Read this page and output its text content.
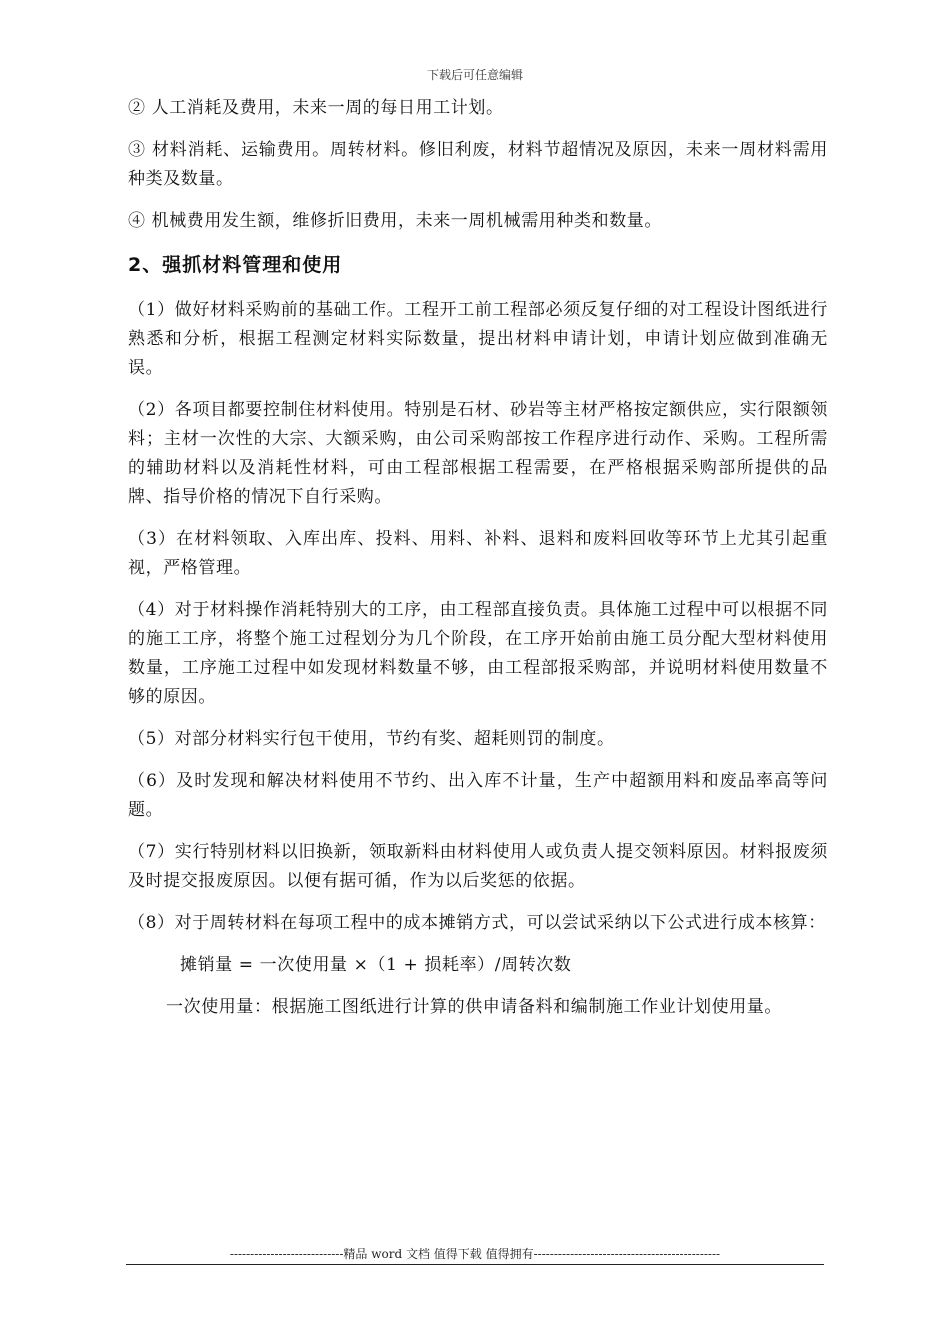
下载后可任意编辑

② 人工消耗及费用，未来一周的每日用工计划。

③ 材料消耗、运输费用。周转材料。修旧利废，材料节超情况及原因，未来一周材料需用种类及数量。

④ 机械费用发生额，维修折旧费用，未来一周机械需用种类和数量。

2、强抓材料管理和使用

（1）做好材料采购前的基础工作。工程开工前工程部必须反复仔细的对工程设计图纸进行熟悉和分析，根据工程测定材料实际数量，提出材料申请计划，申请计划应做到准确无误。

（2）各项目都要控制住材料使用。特别是石材、砂岩等主材严格按定额供应，实行限额领料；主材一次性的大宗、大额采购，由公司采购部按工作程序进行动作、采购。工程所需的辅助材料以及消耗性材料，可由工程部根据工程需要，在严格根据采购部所提供的品牌、指导价格的情况下自行采购。

（3）在材料领取、入库出库、投料、用料、补料、退料和废料回收等环节上尤其引起重视，严格管理。

（4）对于材料操作消耗特别大的工序，由工程部直接负责。具体施工过程中可以根据不同的施工工序，将整个施工过程划分为几个阶段，在工序开始前由施工员分配大型材料使用数量，工序施工过程中如发现材料数量不够，由工程部报采购部，并说明材料使用数量不够的原因。

（5）对部分材料实行包干使用，节约有奖、超耗则罚的制度。

（6）及时发现和解决材料使用不节约、出入库不计量，生产中超额用料和废品率高等问题。

（7）实行特别材料以旧换新，领取新料由材料使用人或负责人提交领料原因。材料报废须及时提交报废原因。以便有据可循，作为以后奖惩的依据。

（8）对于周转材料在每项工程中的成本摊销方式，可以尝试采纳以下公式进行成本核算：

摊销量 = 一次使用量 ×（1 + 损耗率）/周转次数

一次使用量：根据施工图纸进行计算的供申请备料和编制施工作业计划使用量。

----------------------------精品 word 文档 值得下载 值得拥有----------------------------------------------
